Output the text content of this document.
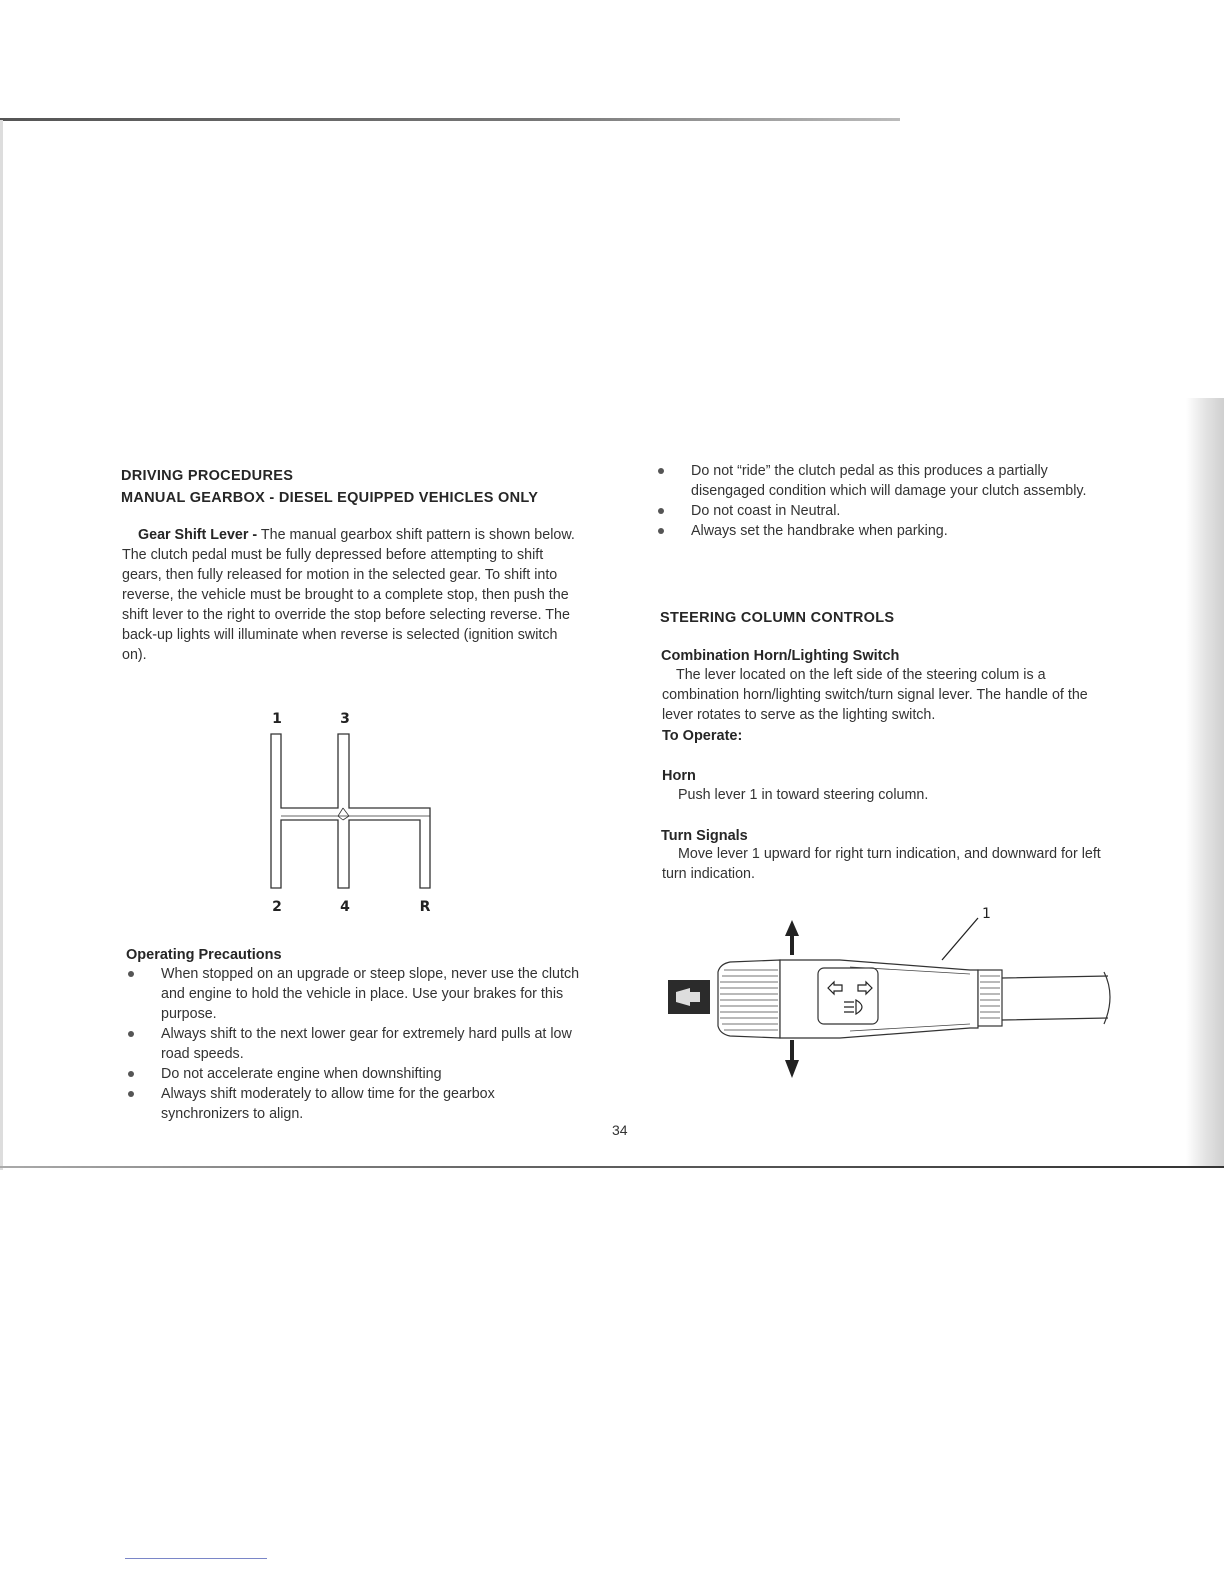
DRIVING PROCEDURES
MANUAL GEARBOX - DIESEL EQUIPPED VEHICLES ONLY
Gear Shift Lever - The manual gearbox shift pattern is shown below. The clutch pedal must be fully depressed before attempting to shift gears, then fully released for motion in the selected gear. To shift into reverse, the vehicle must be brought to a complete stop, then push the shift lever to the right to override the stop before selecting reverse. The back-up lights will illuminate when reverse is selected (ignition switch on).
1	3
2	4	R
Operating Precautions
When stopped on an upgrade or steep slope, never use the clutch and engine to hold the vehicle in place. Use your brakes for this purpose.
Always shift to the next lower gear for extremely hard pulls at low road speeds.
Do not accelerate engine when downshifting
Always shift moderately to allow time for the gearbox synchronizers to align.
Do not “ride” the clutch pedal as this produces a partially disengaged condition which will damage your clutch assembly.
Do not coast in Neutral.
Always set the handbrake when parking.
STEERING COLUMN CONTROLS
Combination Horn/Lighting Switch
The lever located on the left side of the steering colum is a combination horn/lighting switch/turn signal lever. The handle of the lever rotates to serve as the lighting switch.
To Operate:
Horn
Push lever 1 in toward steering column.
Turn Signals
Move lever 1 upward for right turn indication, and downward for left turn indication.
1
34
